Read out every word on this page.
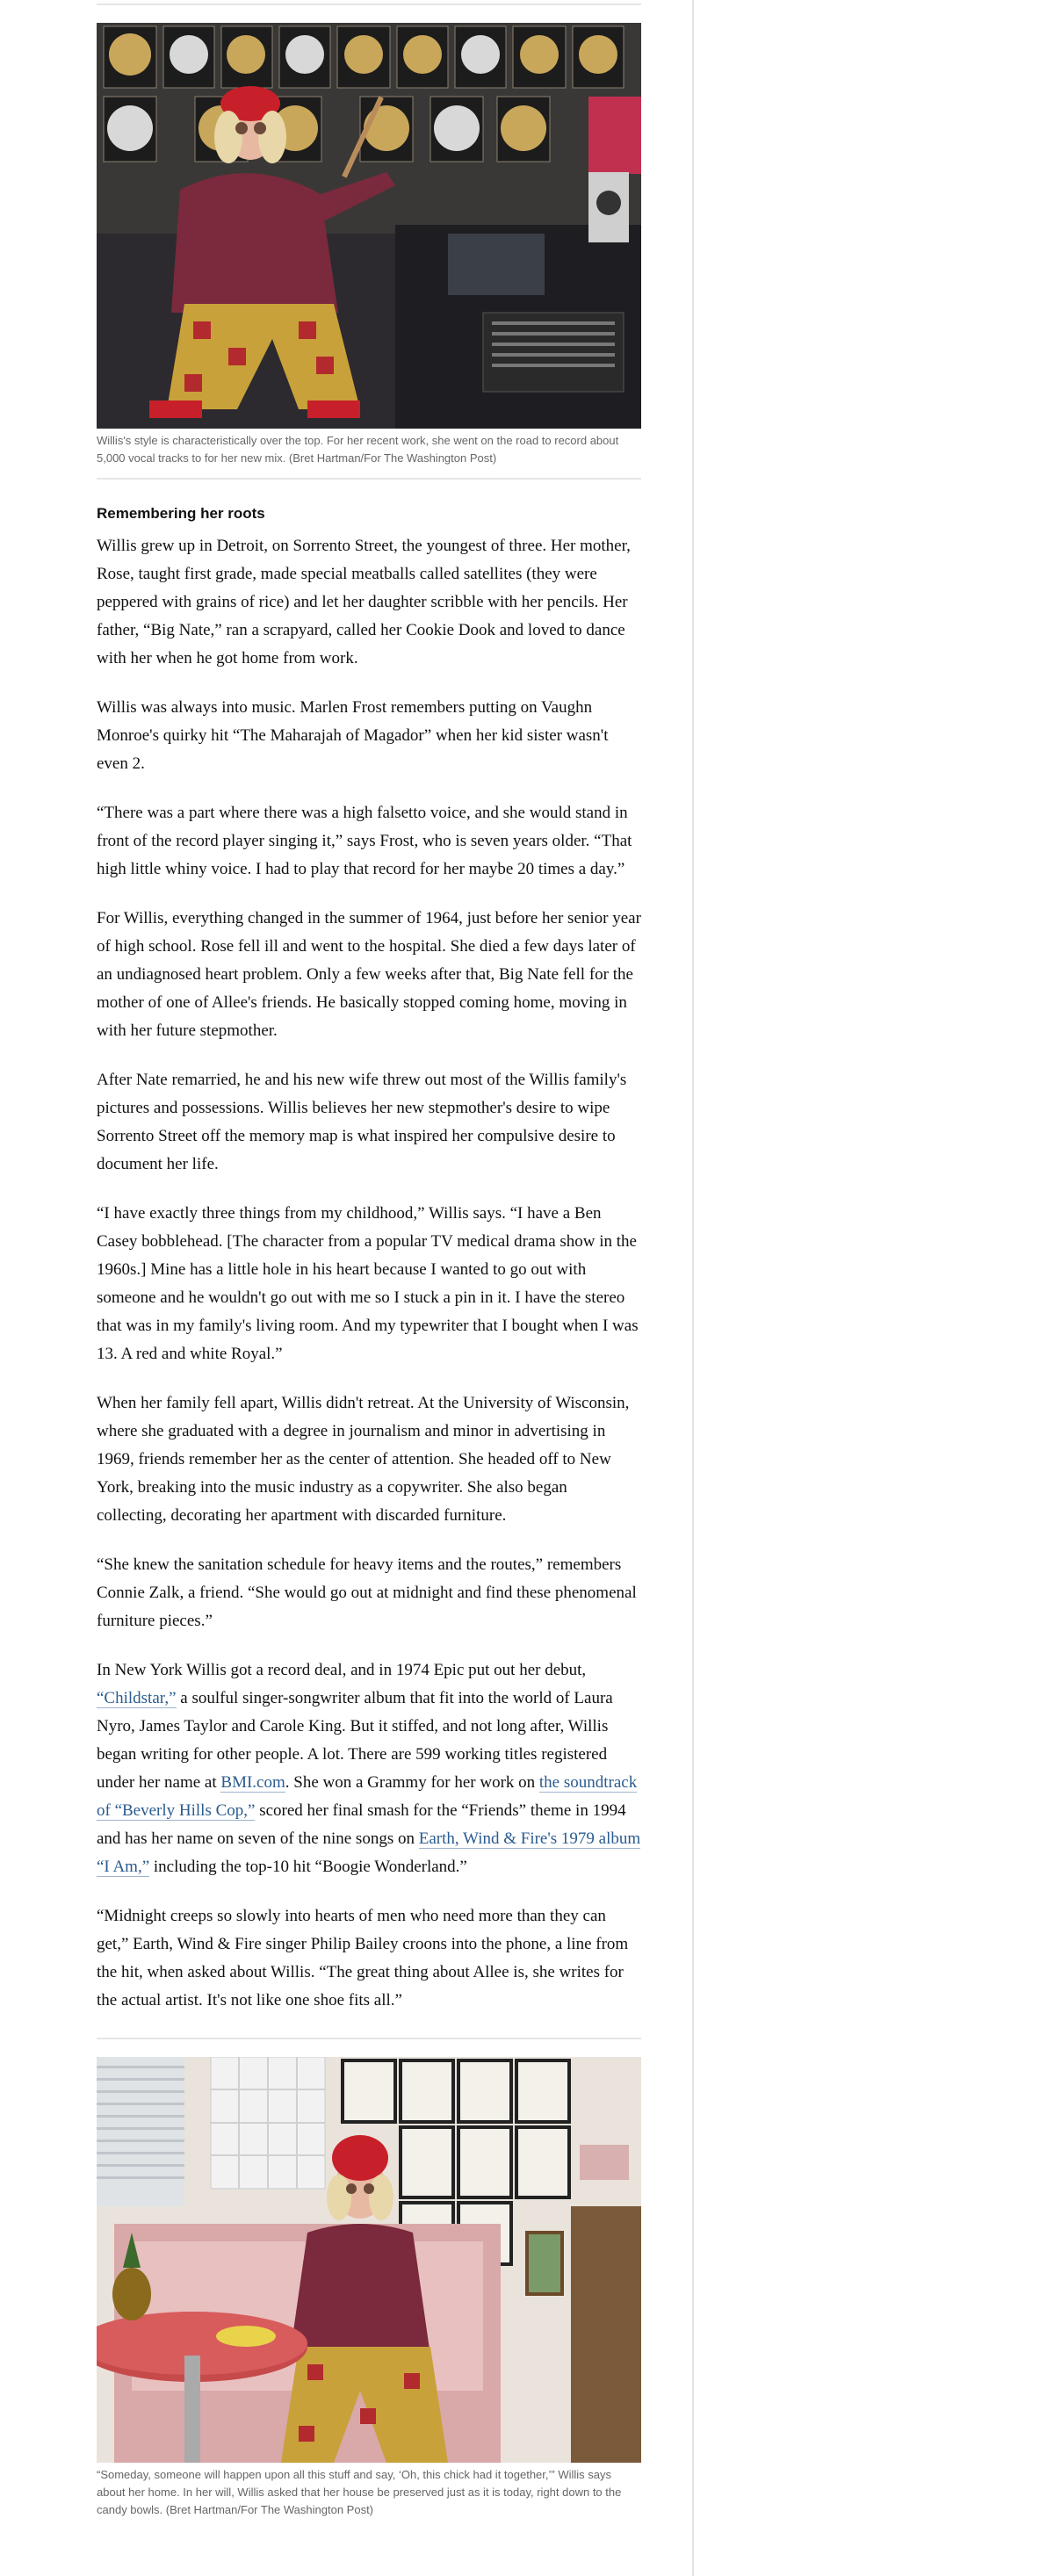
Willis's style is characteristically over the top. For her recent work, she went on the road to record about 5,000 vocal tracks to for her new mix. (Bret Hartman/For The Washington Post)

Remembering her roots

Willis grew up in Detroit, on Sorrento Street, the youngest of three. Her mother, Rose, taught first grade, made special meatballs called satellites (they were peppered with grains of rice) and let her daughter scribble with her pencils. Her father, “Big Nate,” ran a scrapyard, called her Cookie Dook and loved to dance with her when he got home from work.

Willis was always into music. Marlen Frost remembers putting on Vaughn Monroe's quirky hit “The Maharajah of Magador” when her kid sister wasn't even 2.

“There was a part where there was a high falsetto voice, and she would stand in front of the record player singing it,” says Frost, who is seven years older. “That high little whiny voice. I had to play that record for her maybe 20 times a day.”

For Willis, everything changed in the summer of 1964, just before her senior year of high school. Rose fell ill and went to the hospital. She died a few days later of an undiagnosed heart problem. Only a few weeks after that, Big Nate fell for the mother of one of Allee's friends. He basically stopped coming home, moving in with her future stepmother.

After Nate remarried, he and his new wife threw out most of the Willis family's pictures and possessions. Willis believes her new stepmother's desire to wipe Sorrento Street off the memory map is what inspired her compulsive desire to document her life.

“I have exactly three things from my childhood,” Willis says. “I have a Ben Casey bobblehead. [The character from a popular TV medical drama show in the 1960s.] Mine has a little hole in his heart because I wanted to go out with someone and he wouldn't go out with me so I stuck a pin in it. I have the stereo that was in my family's living room. And my typewriter that I bought when I was 13. A red and white Royal.”

When her family fell apart, Willis didn't retreat. At the University of Wisconsin, where she graduated with a degree in journalism and minor in advertising in 1969, friends remember her as the center of attention. She headed off to New York, breaking into the music industry as a copywriter. She also began collecting, decorating her apartment with discarded furniture.

“She knew the sanitation schedule for heavy items and the routes,” remembers Connie Zalk, a friend. “She would go out at midnight and find these phenomenal furniture pieces.”

In New York Willis got a record deal, and in 1974 Epic put out her debut, “Childstar,” a soulful singer-songwriter album that fit into the world of Laura Nyro, James Taylor and Carole King. But it stiffed, and not long after, Willis began writing for other people. A lot. There are 599 working titles registered under her name at BMI.com. She won a Grammy for her work on the soundtrack of “Beverly Hills Cop,” scored her final smash for the “Friends” theme in 1994 and has her name on seven of the nine songs on Earth, Wind & Fire's 1979 album “I Am,” including the top-10 hit “Boogie Wonderland.”

“Midnight creeps so slowly into hearts of men who need more than they can get,” Earth, Wind & Fire singer Philip Bailey croons into the phone, a line from the hit, when asked about Willis. “The great thing about Allee is, she writes for the actual artist. It's not like one shoe fits all.”

“Someday, someone will happen upon all this stuff and say, ‘Oh, this chick had it together,’” Willis says about her home. In her will, Willis asked that her house be preserved just as it is today, right down to the candy bowls. (Bret Hartman/For The Washington Post)
